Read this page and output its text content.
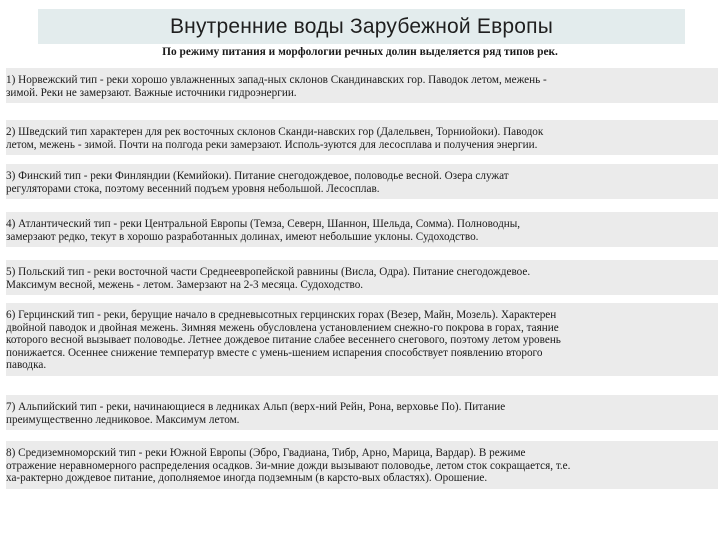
Внутренние воды Зарубежной Европы
По режиму питания и морфологии речных долин выделяется ряд типов рек.

1) Норвежский тип - реки хорошо увлажненных запад-ных склонов Скандинавских гор. Паводок летом, межень -
зимой. Реки не замерзают. Важные источники гидроэнергии.

2) Шведский тип характерен для рек восточных склонов Сканди-навских гор (Далельвен, Торниойоки). Паводок
летом, межень - зимой. Почти на полгода реки замерзают. Исполь-зуются для лесосплава и получения энергии.

3) Финский тип - реки Финляндии (Кемийоки). Питание снегодождевое, половодье весной. Озера служат
регуляторами стока, поэтому весенний подъем уровня небольшой. Лесосплав.

4) Атлантический тип - реки Центральной Европы (Темза, Северн, Шаннон, Шельда, Сомма). Полноводны,
замерзают редко, текут в хорошо разработанных долинах, имеют небольшие уклоны. Судоходство.

5) Польский тип - реки восточной части Среднеевропейской равнины (Висла, Одра). Питание снегодождевое.
Максимум весной, межень - летом. Замерзают на 2-3 месяца. Судоходство.

6) Герцинский тип - реки, берущие начало в средневысотных герцинских горах (Везер, Майн, Мозель). Характерен
двойной паводок и двойная межень. Зимняя межень обусловлена установлением снежно-го покрова в горах, таяние
которого весной вызывает половодье. Летнее дождевое питание слабее весеннего снегового, поэтому летом уровень
понижается. Осеннее снижение температур вместе с умень-шением испарения способствует появлению второго
паводка.

7) Альпийский тип - реки, начинающиеся в ледниках Альп (верх-ний Рейн, Рона, верховье По). Питание
преимущественно ледниковое. Максимум летом.

8) Средиземноморский тип - реки Южной Европы (Эбро, Гвадиана, Тибр, Арно, Марица, Вардар). В режиме
отражение неравномерного распределения осадков. Зи-мние дожди вызывают половодье, летом сток сокращается, т.е.
ха-рактерно дождевое питание, дополняемое иногда подземным (в карсто-вых областях). Орошение.
